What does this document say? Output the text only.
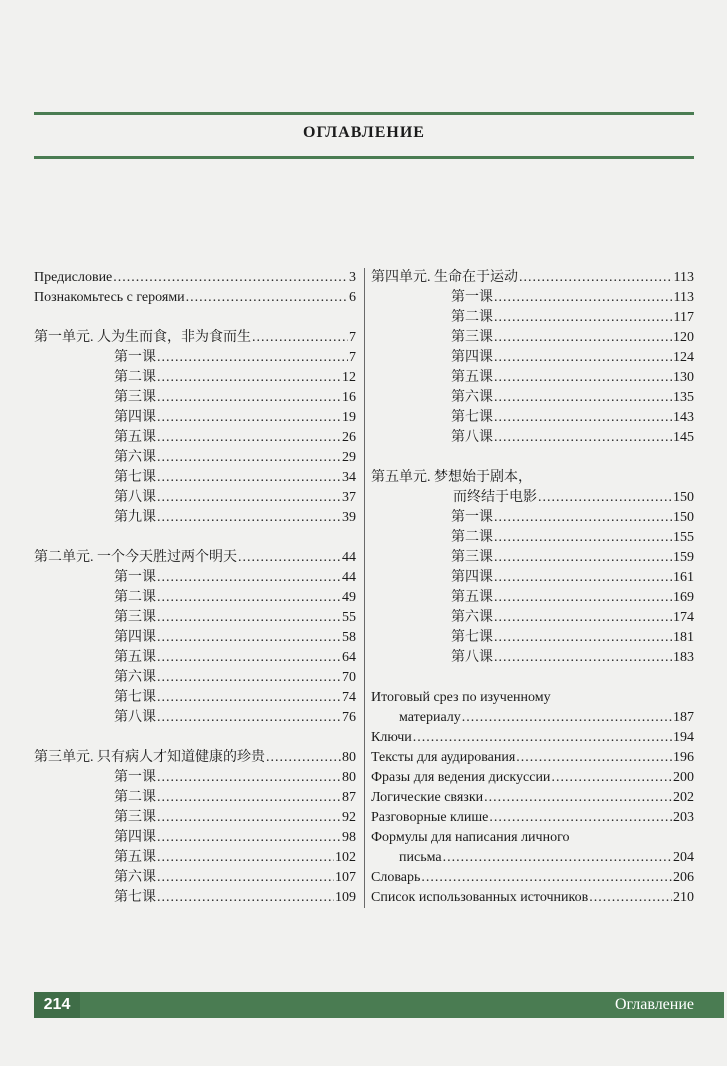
ОГЛАВЛЕНИЕ
Предисловие .....	3
Познакомьтесь с героями .....	6
第一单元. 人为生而食，非为食而生 .....	7
第一课 .....	7
第二课 .....	12
第三课 .....	16
第四课 .....	19
第五课 .....	26
第六课 .....	29
第七课 .....	34
第八课 .....	37
第九课 .....	39
第二单元. 一个今天胜过两个明天 .....	44
第一课 .....	44
第二课 .....	49
第三课 .....	55
第四课 .....	58
第五课 .....	64
第六课 .....	70
第七课 .....	74
第八课 .....	76
第三单元. 只有病人才知道健康的珍贵 .....	80
第一课 .....	80
第二课 .....	87
第三课 .....	92
第四课 .....	98
第五课 .....	102
第六课 .....	107
第七课 .....	109
第四单元. 生命在于运动 .....	113
第一课 .....	113
第二课 .....	117
第三课 .....	120
第四课 .....	124
第五课 .....	130
第六课 .....	135
第七课 .....	143
第八课 .....	145
第五单元. 梦想始于剧本，
而终结于电影 .....	150
第一课 .....	150
第二课 .....	155
第三课 .....	159
第四课 .....	161
第五课 .....	169
第六课 .....	174
第七课 .....	181
第八课 .....	183
Итоговый срез по изученному
материалу .....	187
Ключи .....	194
Тексты для аудирования .....	196
Фразы для ведения дискуссии .....	200
Логические связки .....	202
Разговорные клише .....	203
Формулы для написания личного
письма .....	204
Словарь .....	206
Список использованных источников .....	210
214	Оглавление
